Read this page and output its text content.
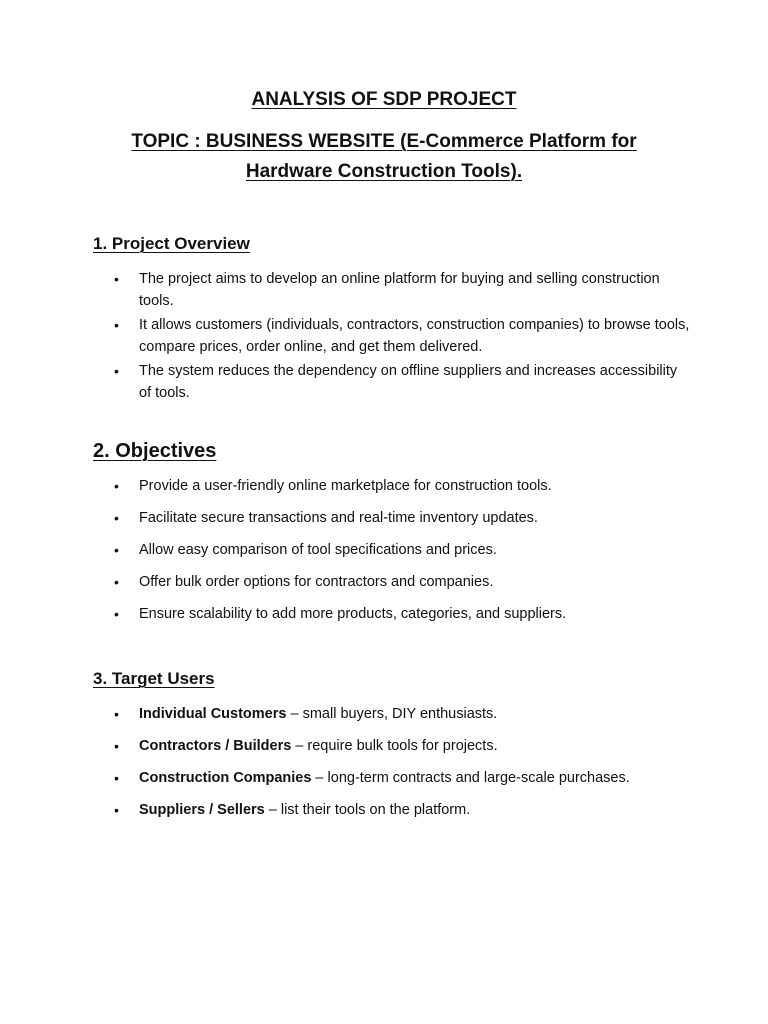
ANALYSIS OF SDP PROJECT
TOPIC : BUSINESS WEBSITE (E-Commerce Platform for Hardware Construction Tools).
1. Project Overview
• The project aims to develop an online platform for buying and selling construction tools.
• It allows customers (individuals, contractors, construction companies) to browse tools, compare prices, order online, and get them delivered.
• The system reduces the dependency on offline suppliers and increases accessibility of tools.
2. Objectives
• Provide a user-friendly online marketplace for construction tools.
• Facilitate secure transactions and real-time inventory updates.
• Allow easy comparison of tool specifications and prices.
• Offer bulk order options for contractors and companies.
• Ensure scalability to add more products, categories, and suppliers.
3. Target Users
• Individual Customers – small buyers, DIY enthusiasts.
• Contractors / Builders – require bulk tools for projects.
• Construction Companies – long-term contracts and large-scale purchases.
• Suppliers / Sellers – list their tools on the platform.
